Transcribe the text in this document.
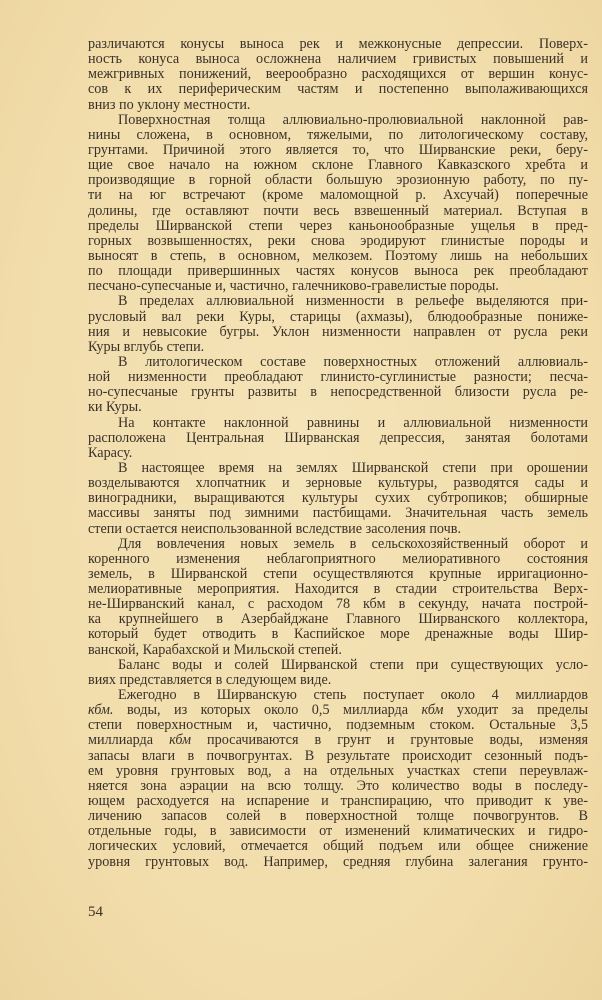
различаются конусы выноса рек и межконусные депрессии. Поверх-
ность конуса выноса осложнена наличием гривистых повышений и
межгривных понижений, веерообразно расходящихся от вершин конус-
сов к их периферическим частям и постепенно выполаживающихся
вниз по уклону местности.
Поверхностная толща аллювиально-пролювиальной наклонной рав-
нины сложена, в основном, тяжелыми, по литологическому составу,
грунтами. Причиной этого является то, что Ширванские реки, беру-
щие свое начало на южном склоне Главного Кавказского хребта и
производящие в горной области большую эрозионную работу, по пу-
ти на юг встречают (кроме маломощной р. Ахсучай) поперечные
долины, где оставляют почти весь взвешенный материал. Вступая в
пределы Ширванской степи через каньонообразные ущелья в пред-
горных возвышенностях, реки снова эродируют глинистые породы и
выносят в степь, в основном, мелкозем. Поэтому лишь на небольших
по площади привершинных частях конусов выноса рек преобладают
песчано-супесчаные и, частично, галечниково-гравелистые породы.
В пределах аллювиальной низменности в рельефе выделяются при-
русловый вал реки Куры, старицы (ахмазы), блюдообразные пониже-
ния и невысокие бугры. Уклон низменности направлен от русла реки
Куры вглубь степи.
В литологическом составе поверхностных отложений аллювиаль-
ной низменности преобладают глинисто-суглинистые разности; песча-
но-супесчаные грунты развиты в непосредственной близости русла ре-
ки Куры.
На контакте наклонной равнины и аллювиальной низменности
расположена Центральная Ширванская депрессия, занятая болотами
Карасу.
В настоящее время на землях Ширванской степи при орошении
возделываются хлопчатник и зерновые культуры, разводятся сады и
виноградники, выращиваются культуры сухих субтропиков; обширные
массивы заняты под зимними пастбищами. Значительная часть земель
степи остается неиспользованной вследствие засоления почв.
Для вовлечения новых земель в сельскохозяйственный оборот и
коренного изменения неблагоприятного мелиоративного состояния
земель, в Ширванской степи осуществляются крупные ирригационно-
мелиоративные мероприятия. Находится в стадии строительства Верх-
не-Ширванский канал, с расходом 78 кбм в секунду, начата построй-
ка крупнейшего в Азербайджане Главного Ширванского коллектора,
который будет отводить в Каспийское море дренажные воды Шир-
ванской, Карабахской и Мильской степей.
Баланс воды и солей Ширванской степи при существующих усло-
виях представляется в следующем виде.
Ежегодно в Ширванскую степь поступает около 4 миллиардов
кбм. воды, из которых около 0,5 миллиарда кбм уходит за пределы
степи поверхностным и, частично, подземным стоком. Остальные 3,5
миллиарда кбм просачиваются в грунт и грунтовые воды, изменяя
запасы влаги в почвогрунтах. В результате происходит сезонный подъ-
ем уровня грунтовых вод, а на отдельных участках степи переувлаж-
няется зона аэрации на всю толщу. Это количество воды в последу-
ющем расходуется на испарение и транспирацию, что приводит к уве-
личению запасов солей в поверхностной толще почвогрунтов. В
отдельные годы, в зависимости от изменений климатических и гидро-
логических условий, отмечается общий подъем или общее снижение
уровня грунтовых вод. Например, средняя глубина залегания грунто-
54
